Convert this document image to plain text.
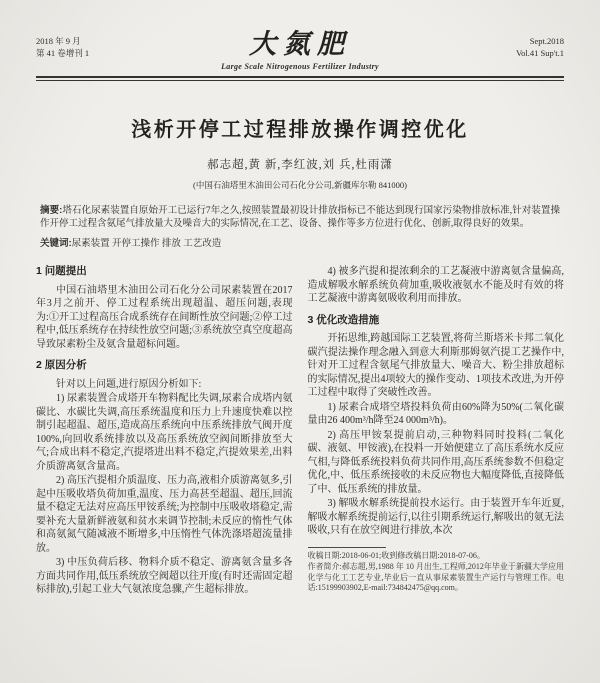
2018 年 9 月
第 41 卷增刊 1	大氮肥
Large Scale Nitrogenous Fertilizer Industry
Sept.2018
Vol.41 Sup't.1
浅析开停工过程排放操作调控优化
郝志超,黄 新,李红波,刘 兵,杜雨潇
(中国石油塔里木油田公司石化分公司,新疆库尔勒 841000)

摘要:塔石化尿素装置自原始开工已运行7年之久,按照装置最初设计排放指标已不能达到现行国家污染物排放标准,针对装置操作开停工过程含氨尾气排放量大及噪音大的实际情况,在工艺、设备、操作等多方位进行优化、创新,取得良好的效果。

关键词:尿素装置 开停工操作 排放 工艺改造

1 问题提出

中国石油塔里木油田公司石化分公司尿素装置在2017年3月之前开、停工过程系统出现超温、超压问题,表现为:①开工过程高压合成系统存在间断性放空问题;②停工过程中,低压系统存在持续性放空问题;③系统放空真空度超高导致尿素粉尘及氨含量超标问题。

2 原因分析

针对以上问题,进行原因分析如下:

1) 尿素装置合成塔开车物料配比失调,尿素合成塔内氨碳比、水碳比失调,高压系统温度和压力上升速度快难以控制引起超温、超压,造成高压系统向中压系统排放气阀开度100%,向回收系统排放以及高压系统放空阀间断排放至大气;合成出料不稳定,汽提塔进出料不稳定,汽提效果差,出料介质游离氨含量高。

2) 高压汽提相介质温度、压力高,液相介质游离氨多,引起中压吸收塔负荷加重,温度、压力高甚至超温、超压,回流量不稳定无法对应高压甲铵系统;为控制中压吸收塔稳定,需要补充大量新鲜液氨和贫水来调节控制;未反应的惰性气体和高氨氮气随减液不断增多,中压惰性气体洗涤塔超流量排放。

3) 中压负荷后移、物料介质不稳定、游离氨含量多各方面共同作用,低压系统放空阀超以往开度(有时还需固定超标排放),引起工业大气氨浓度急骤,产生超标排放。

4) 被多汽提和提浓剩余的工艺凝液中游离氨含量偏高,造成解吸水解系统负荷加重,吸收液氨水不能及时有效的将工艺凝液中游离氨吸收利用而排放。

3 优化改造措施

开拓思维,跨越国际工艺装置,将荷兰斯塔米卡邦二氧化碳汽提法操作理念融入到意大利斯那姆氨汽提工艺操作中,针对开工过程含氨尾气排放量大、噪音大、粉尘排放超标的实际情况,提出4项较大的操作变动、1项技术改进,为开停工过程中取得了突破性改善。

1) 尿素合成塔空塔投料负荷由60%降为50%(二氧化碳量由26 400m³/h降至24 000m³/h)。

2) 高压甲铵泵提前启动,三种物料同时投料(二氧化碳、液氨、甲铵液),在投料一开始便建立了高压系统水反应气相,与降低系统投料负荷共同作用,高压系统参数不但稳定优化,中、低压系统接收的未反应物也大幅度降低,直接降低了中、低压系统的排放量。

3) 解吸水解系统提前投水运行。由于装置开车年近夏,解吸水解系统提前运行,以往引期系统运行,解吸出的氨无法吸收,只有在放空阀进行排放,本次

收稿日期:2018-06-01;收到修改稿日期:2018-07-06。

作者简介:郝志超,男,1988 年 10 月出生,工程师,2012年毕业于新疆大学应用化学与化工工艺专业,毕业后一直从事尿素装置生产运行与管理工作。电话:15199903902,E-mail:734842475@qq.com。
